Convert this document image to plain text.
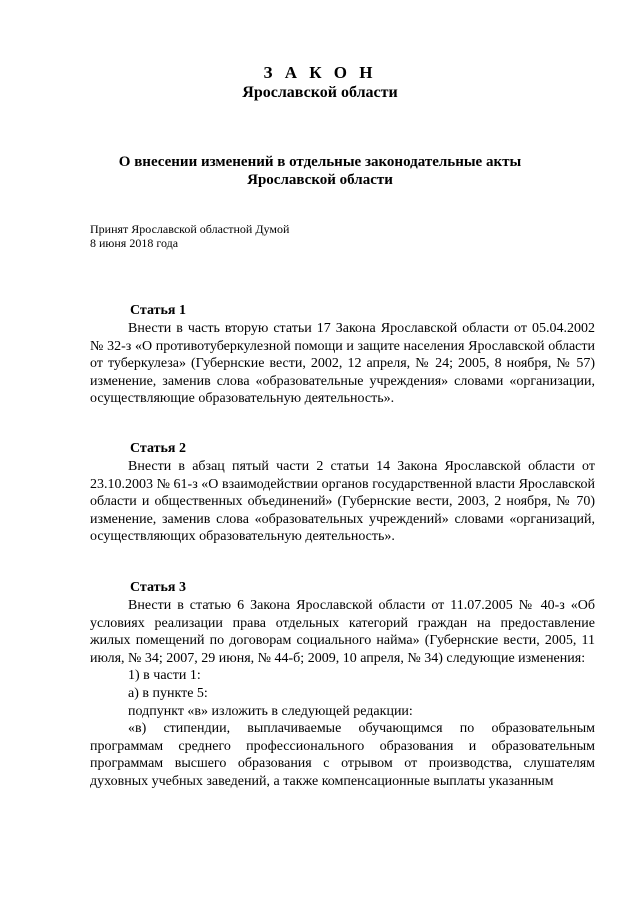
З А К О Н
Ярославской области
О внесении изменений в отдельные законодательные акты
Ярославской области
Принят Ярославской областной Думой
8 июня 2018 года
Статья 1

Внести в часть вторую статьи 17 Закона Ярославской области от 05.04.2002 № 32-з «О противотуберкулезной помощи и защите населения Ярославской области от туберкулеза» (Губернские вести, 2002, 12 апреля, № 24; 2005, 8 ноября, № 57) изменение, заменив слова «образовательные учреждения» словами «организации, осуществляющие образовательную деятельность».

Статья 2

Внести в абзац пятый части 2 статьи 14 Закона Ярославской области от 23.10.2003 № 61-з «О взаимодействии органов государственной власти Ярославской области и общественных объединений» (Губернские вести, 2003, 2 ноября, № 70) изменение, заменив слова «образовательных учреждений» словами «организаций, осуществляющих образовательную деятельность».

Статья 3

Внести в статью 6 Закона Ярославской области от 11.07.2005 № 40-з «Об условиях реализации права отдельных категорий граждан на предоставление жилых помещений по договорам социального найма» (Губернские вести, 2005, 11 июля, № 34; 2007, 29 июня, № 44-б; 2009, 10 апреля, № 34) следующие изменения:

1) в части 1:

а) в пункте 5:

подпункт «в» изложить в следующей редакции:

«в) стипендии, выплачиваемые обучающимся по образовательным программам среднего профессионального образования и образовательным программам высшего образования с отрывом от производства, слушателям духовных учебных заведений, а также компенсационные выплаты указанным
